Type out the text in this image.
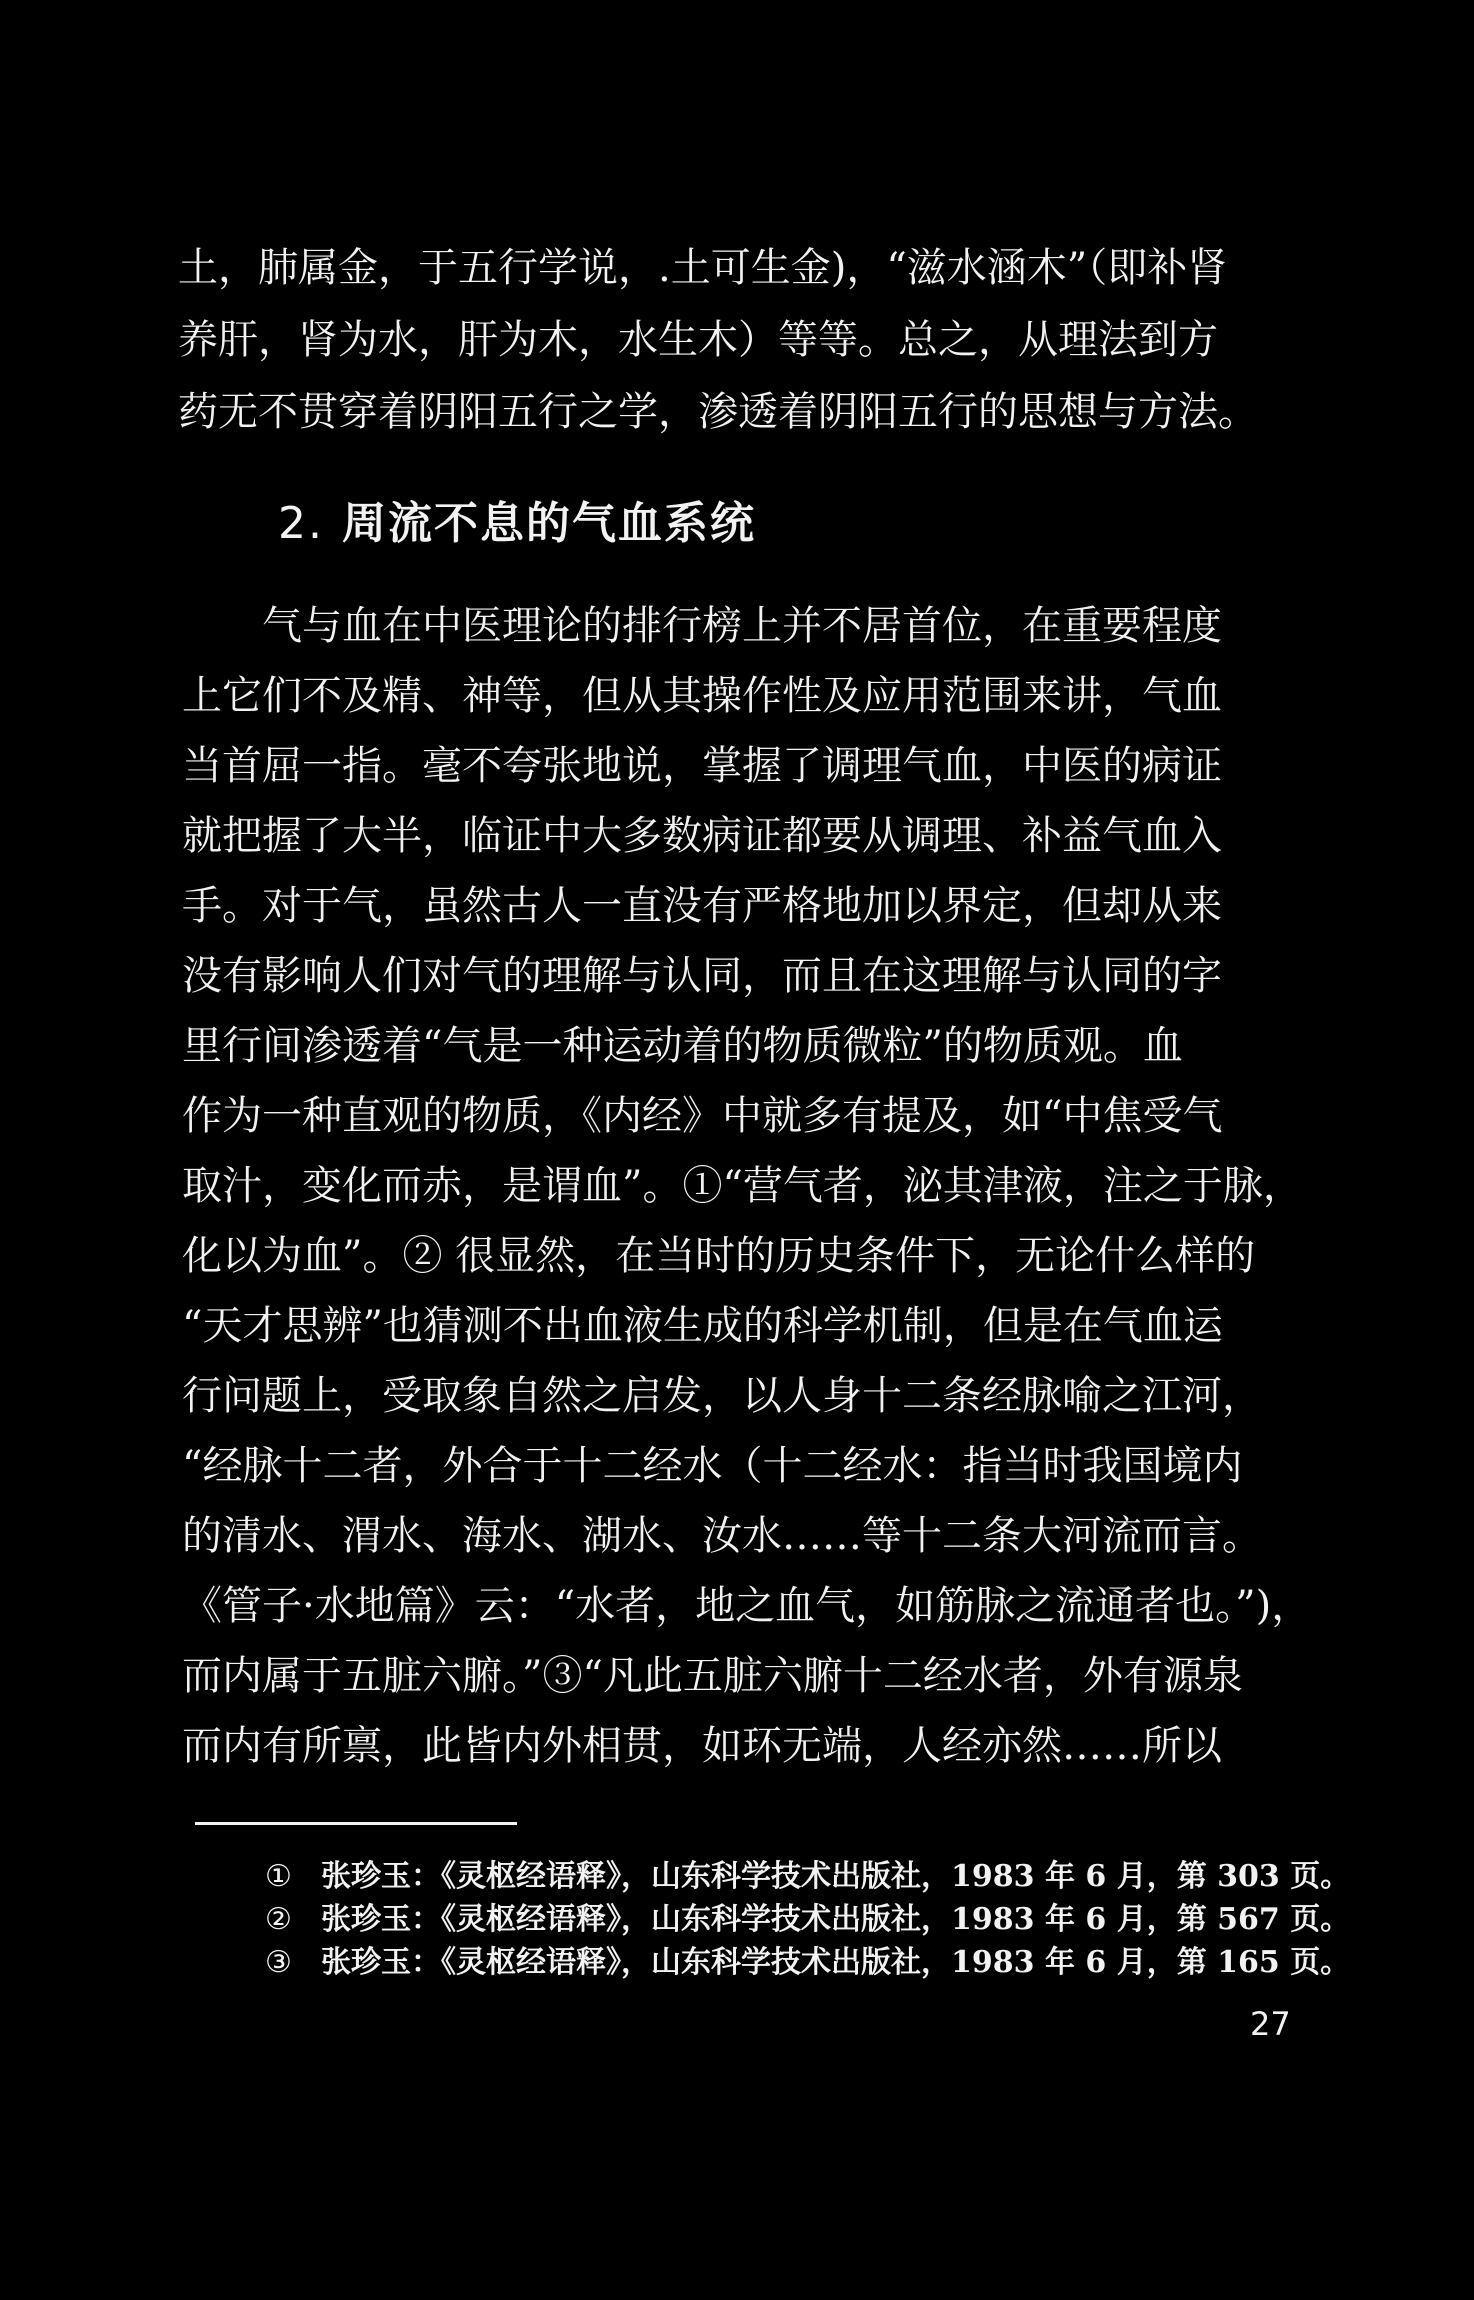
土，肺属金，于五行学说，.土可生金)，“滋水涵木”（即补肾
养肝，肾为水，肝为木，水生木）等等。总之，从理法到方
药无不贯穿着阴阳五行之学，渗透着阴阳五行的思想与方法。
2. 周流不息的气血系统
气与血在中医理论的排行榜上并不居首位，在重要程度
上它们不及精、神等，但从其操作性及应用范围来讲，气血
当首屈一指。毫不夸张地说，掌握了调理气血，中医的病证
就把握了大半，临证中大多数病证都要从调理、补益气血入
手。对于气，虽然古人一直没有严格地加以界定，但却从来
没有影响人们对气的理解与认同，而且在这理解与认同的字
里行间渗透着“气是一种运动着的物质微粒”的物质观。血
作为一种直观的物质，《内经》中就多有提及，如“中焦受气
取汁，变化而赤，是谓血”。①“营气者，泌其津液，注之于脉，
化以为血”。② 很显然，在当时的历史条件下，无论什么样的
“天才思辨”也猜测不出血液生成的科学机制，但是在气血运
行问题上，受取象自然之启发，以人身十二条经脉喻之江河，
“经脉十二者，外合于十二经水（十二经水：指当时我国境内
的清水、渭水、海水、湖水、汝水……等十二条大河流而言。
《管子·水地篇》云：“水者，地之血气，如筋脉之流通者也。”)，
而内属于五脏六腑。”③“凡此五脏六腑十二经水者，外有源泉
而内有所禀，此皆内外相贯，如环无端，人经亦然……所以
① 张珍玉：《灵枢经语释》，山东科学技术出版社，1983 年 6 月，第 303 页。
② 张珍玉：《灵枢经语释》，山东科学技术出版社，1983 年 6 月，第 567 页。
③ 张珍玉：《灵枢经语释》，山东科学技术出版社，1983 年 6 月，第 165 页。
27
